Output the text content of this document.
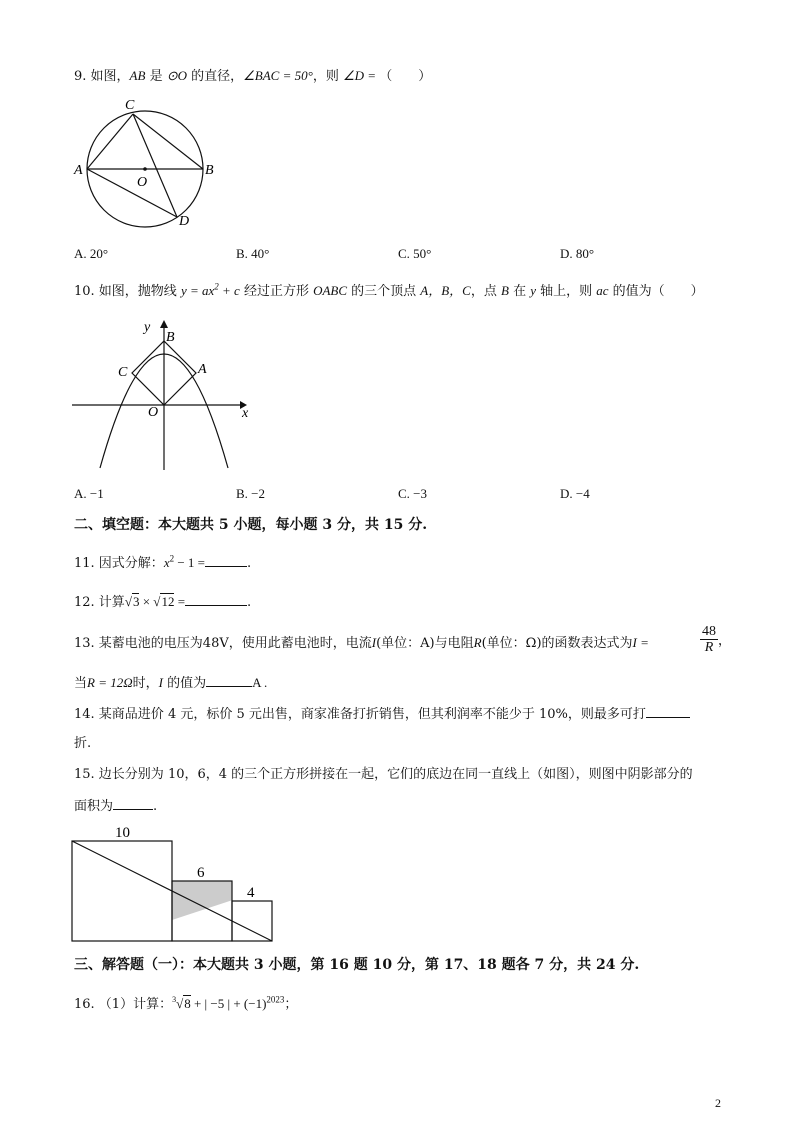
9. 如图，AB 是 ⊙O 的直径，∠BAC = 50°，则 ∠D = （　　）
A	B
C
D
O
A. 20°	B. 40°	C. 50°	D. 80°
10. 如图，抛物线 $y = ax^2 + c$ 经过正方形 OABC 的三个顶点 A，B，C，点 B 在 y 轴上，则 ac 的值为（　　）
y
x
B
A
C
O
A. −1	B. −2	C. −3	D. −4
二、填空题：本大题共 5 小题，每小题 3 分，共 15 分.
11. 因式分解：$x^2 - 1$ =	.
12. 计算√3 × √12 =	.
13. 某蓄电池的电压为48V，使用此蓄电池时，电流I(单位：A)与电阻R(单位：Ω)的函数表达式为I =	$\frac{48}{R}$ ，
当R = 12Ω时，I 的值为	A .
14. 某商品进价 4 元，标价 5 元出售，商家准备打折销售，但其利润率不能少于 10%，则最多可打
折.
15. 边长分别为 10，6，4 的三个正方形拼接在一起，它们的底边在同一直线上（如图），则图中阴影部分的
面积为	.
10
6
4
三、解答题（一）：本大题共 3 小题，第 16 题 10 分，第 17、18 题各 7 分，共 24 分.
16. （1）计算：$^3$√8 + | −5 | + $(-1)^{2023}$；
2
